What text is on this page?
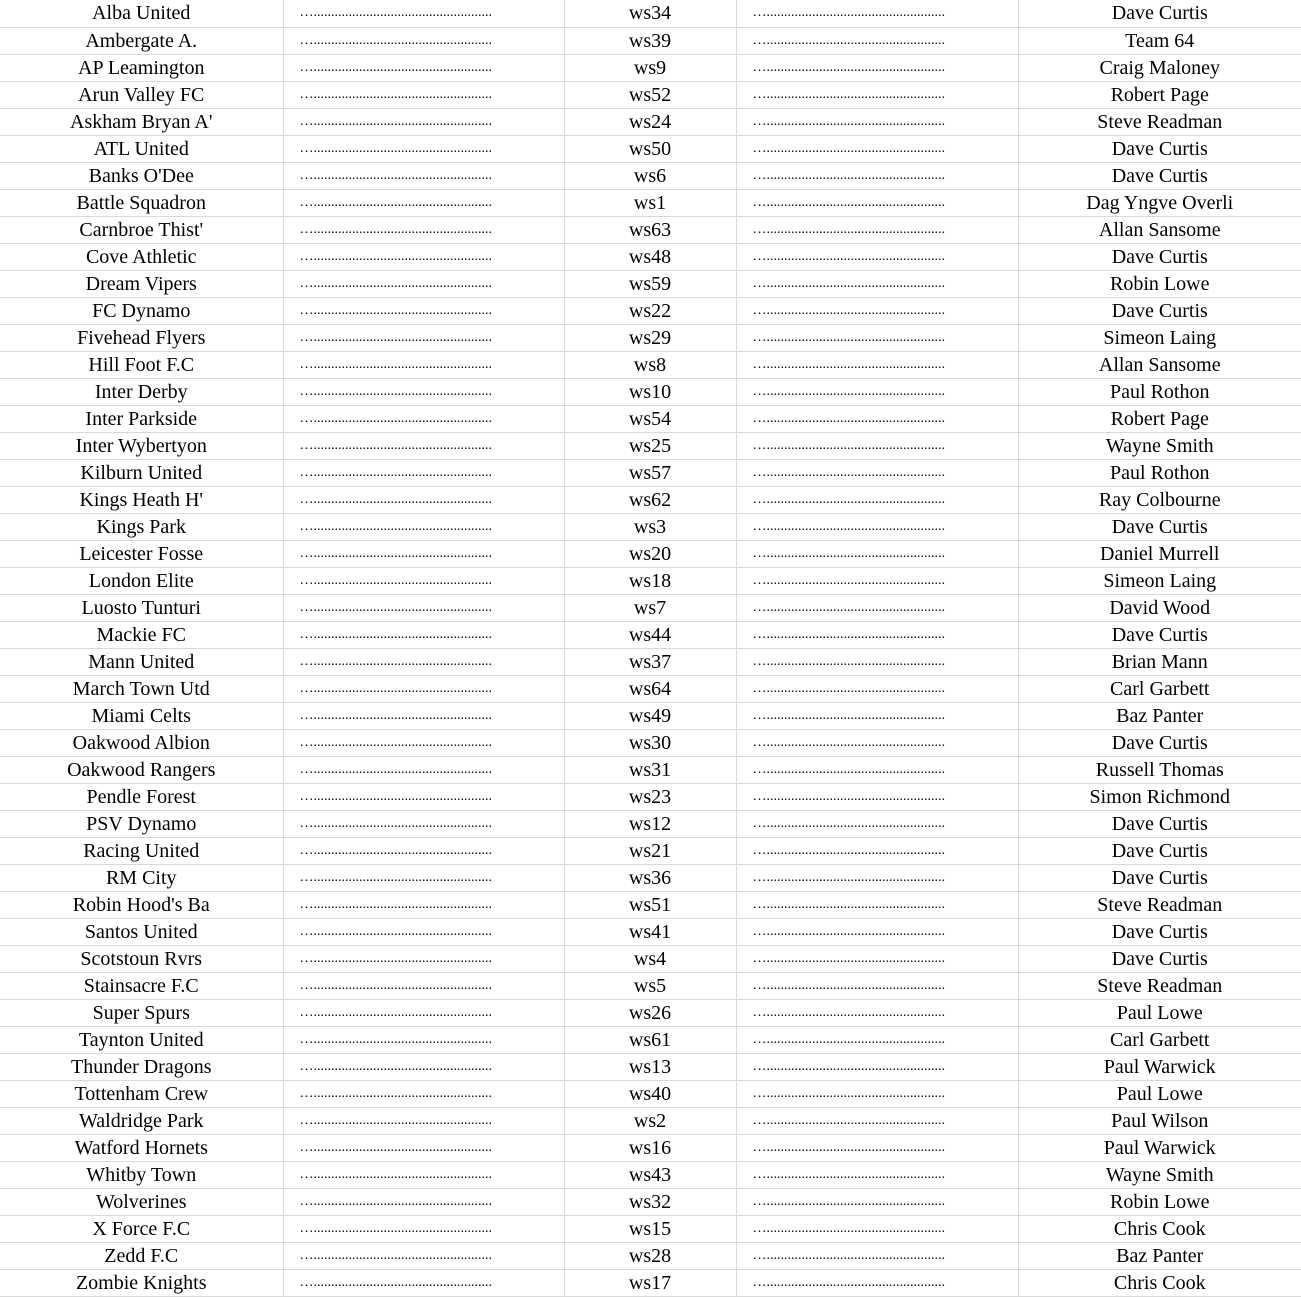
Alba United	…...................................................	ws34	…...................................................	Dave Curtis
Ambergate A.	…...................................................	ws39	…...................................................	Team 64
AP Leamington	…...................................................	ws9	…...................................................	Craig Maloney
Arun Valley FC	…...................................................	ws52	…...................................................	Robert Page
Askham Bryan A'	…...................................................	ws24	…...................................................	Steve Readman
ATL United	…...................................................	ws50	…...................................................	Dave Curtis
Banks O'Dee	…...................................................	ws6	…...................................................	Dave Curtis
Battle Squadron	…...................................................	ws1	…...................................................	Dag Yngve Overli
Carnbroe Thist'	…...................................................	ws63	…...................................................	Allan Sansome
Cove Athletic	…...................................................	ws48	…...................................................	Dave Curtis
Dream Vipers	…...................................................	ws59	…...................................................	Robin Lowe
FC Dynamo	…...................................................	ws22	…...................................................	Dave Curtis
Fivehead Flyers	…...................................................	ws29	…...................................................	Simeon Laing
Hill Foot F.C	…...................................................	ws8	…...................................................	Allan Sansome
Inter Derby	…...................................................	ws10	…...................................................	Paul Rothon
Inter Parkside	…...................................................	ws54	…...................................................	Robert Page
Inter Wybertyon	…...................................................	ws25	…...................................................	Wayne Smith
Kilburn United	…...................................................	ws57	…...................................................	Paul Rothon
Kings Heath H'	…...................................................	ws62	…...................................................	Ray Colbourne
Kings Park	…...................................................	ws3	…...................................................	Dave Curtis
Leicester Fosse	…...................................................	ws20	…...................................................	Daniel Murrell
London Elite	…...................................................	ws18	…...................................................	Simeon Laing
Luosto Tunturi	…...................................................	ws7	…...................................................	David Wood
Mackie FC	…...................................................	ws44	…...................................................	Dave Curtis
Mann United	…...................................................	ws37	…...................................................	Brian Mann
March Town Utd	…...................................................	ws64	…...................................................	Carl Garbett
Miami Celts	…...................................................	ws49	…...................................................	Baz Panter
Oakwood Albion	…...................................................	ws30	…...................................................	Dave Curtis
Oakwood Rangers	…...................................................	ws31	…...................................................	Russell Thomas
Pendle Forest	…...................................................	ws23	…...................................................	Simon Richmond
PSV Dynamo	…...................................................	ws12	…...................................................	Dave Curtis
Racing United	…...................................................	ws21	…...................................................	Dave Curtis
RM City	…...................................................	ws36	…...................................................	Dave Curtis
Robin Hood's Ba	…...................................................	ws51	…...................................................	Steve Readman
Santos United	…...................................................	ws41	…...................................................	Dave Curtis
Scotstoun Rvrs	…...................................................	ws4	…...................................................	Dave Curtis
Stainsacre F.C	…...................................................	ws5	…...................................................	Steve Readman
Super Spurs	…...................................................	ws26	…...................................................	Paul Lowe
Taynton United	…...................................................	ws61	…...................................................	Carl Garbett
Thunder Dragons	…...................................................	ws13	…...................................................	Paul Warwick
Tottenham Crew	…...................................................	ws40	…...................................................	Paul Lowe
Waldridge Park	…...................................................	ws2	…...................................................	Paul Wilson
Watford Hornets	…...................................................	ws16	…...................................................	Paul Warwick
Whitby Town	…...................................................	ws43	…...................................................	Wayne Smith
Wolverines	…...................................................	ws32	…...................................................	Robin Lowe
X Force F.C	…...................................................	ws15	…...................................................	Chris Cook
Zedd F.C	…...................................................	ws28	…...................................................	Baz Panter
Zombie Knights	…...................................................	ws17	…...................................................	Chris Cook
